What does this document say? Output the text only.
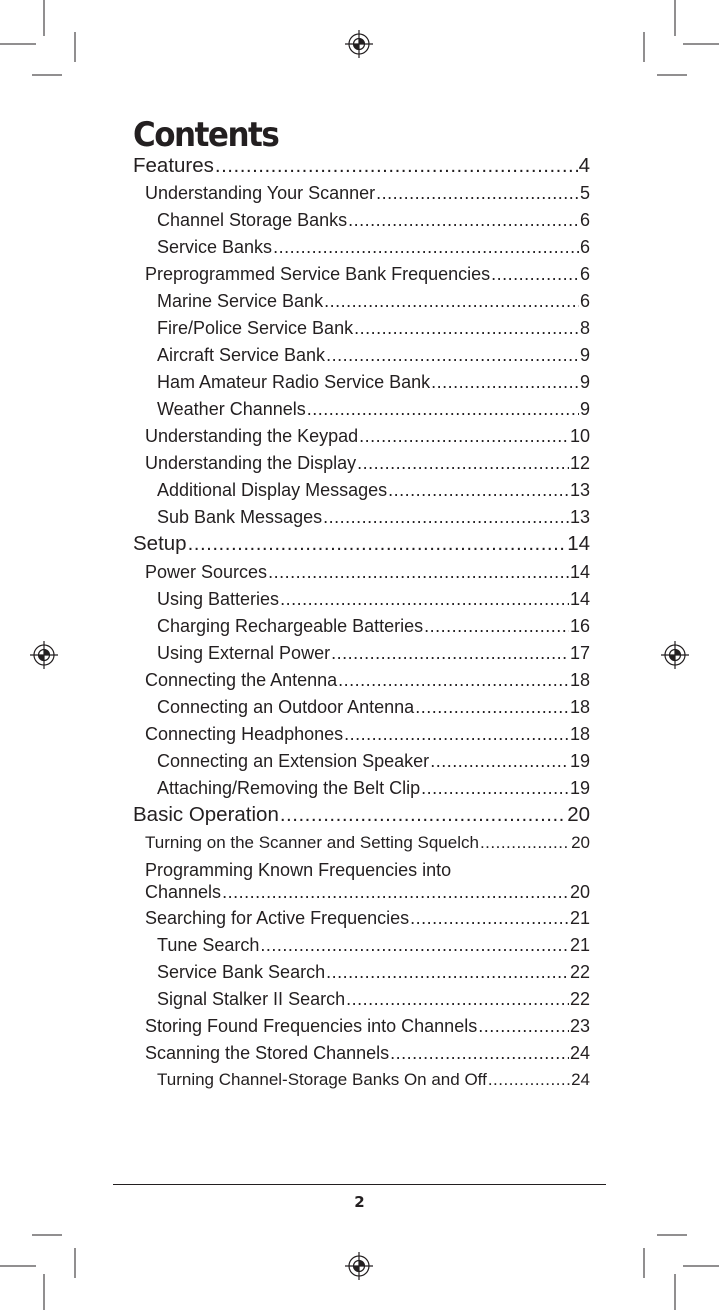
Contents
Features .....	4
Understanding Your Scanner .....	5
Channel Storage Banks .....	6
Service Banks .....	6
Preprogrammed Service Bank Frequencies .....	6
Marine Service Bank .....	6
Fire/Police Service Bank .....	8
Aircraft Service Bank .....	9
Ham Amateur Radio Service Bank .....	9
Weather Channels .....	9
Understanding the Keypad .....	10
Understanding the Display .....	12
Additional Display Messages .....	13
Sub Bank Messages .....	13
Setup .....	14
Power Sources .....	14
Using Batteries .....	14
Charging Rechargeable Batteries .....	16
Using External Power .....	17
Connecting the Antenna .....	18
Connecting an Outdoor Antenna .....	18
Connecting Headphones .....	18
Connecting an Extension Speaker .....	19
Attaching/Removing the Belt Clip .....	19
Basic Operation .....	20
Turning on the Scanner and Setting Squelch .....	20
Programming Known Frequencies into
Channels .....	20
Searching for Active Frequencies .....	21
Tune Search .....	21
Service Bank Search .....	22
Signal Stalker II Search .....	22
Storing Found Frequencies into Channels .....	23
Scanning the Stored Channels .....	24
Turning Channel-Storage Banks On and Off .....	24
2
